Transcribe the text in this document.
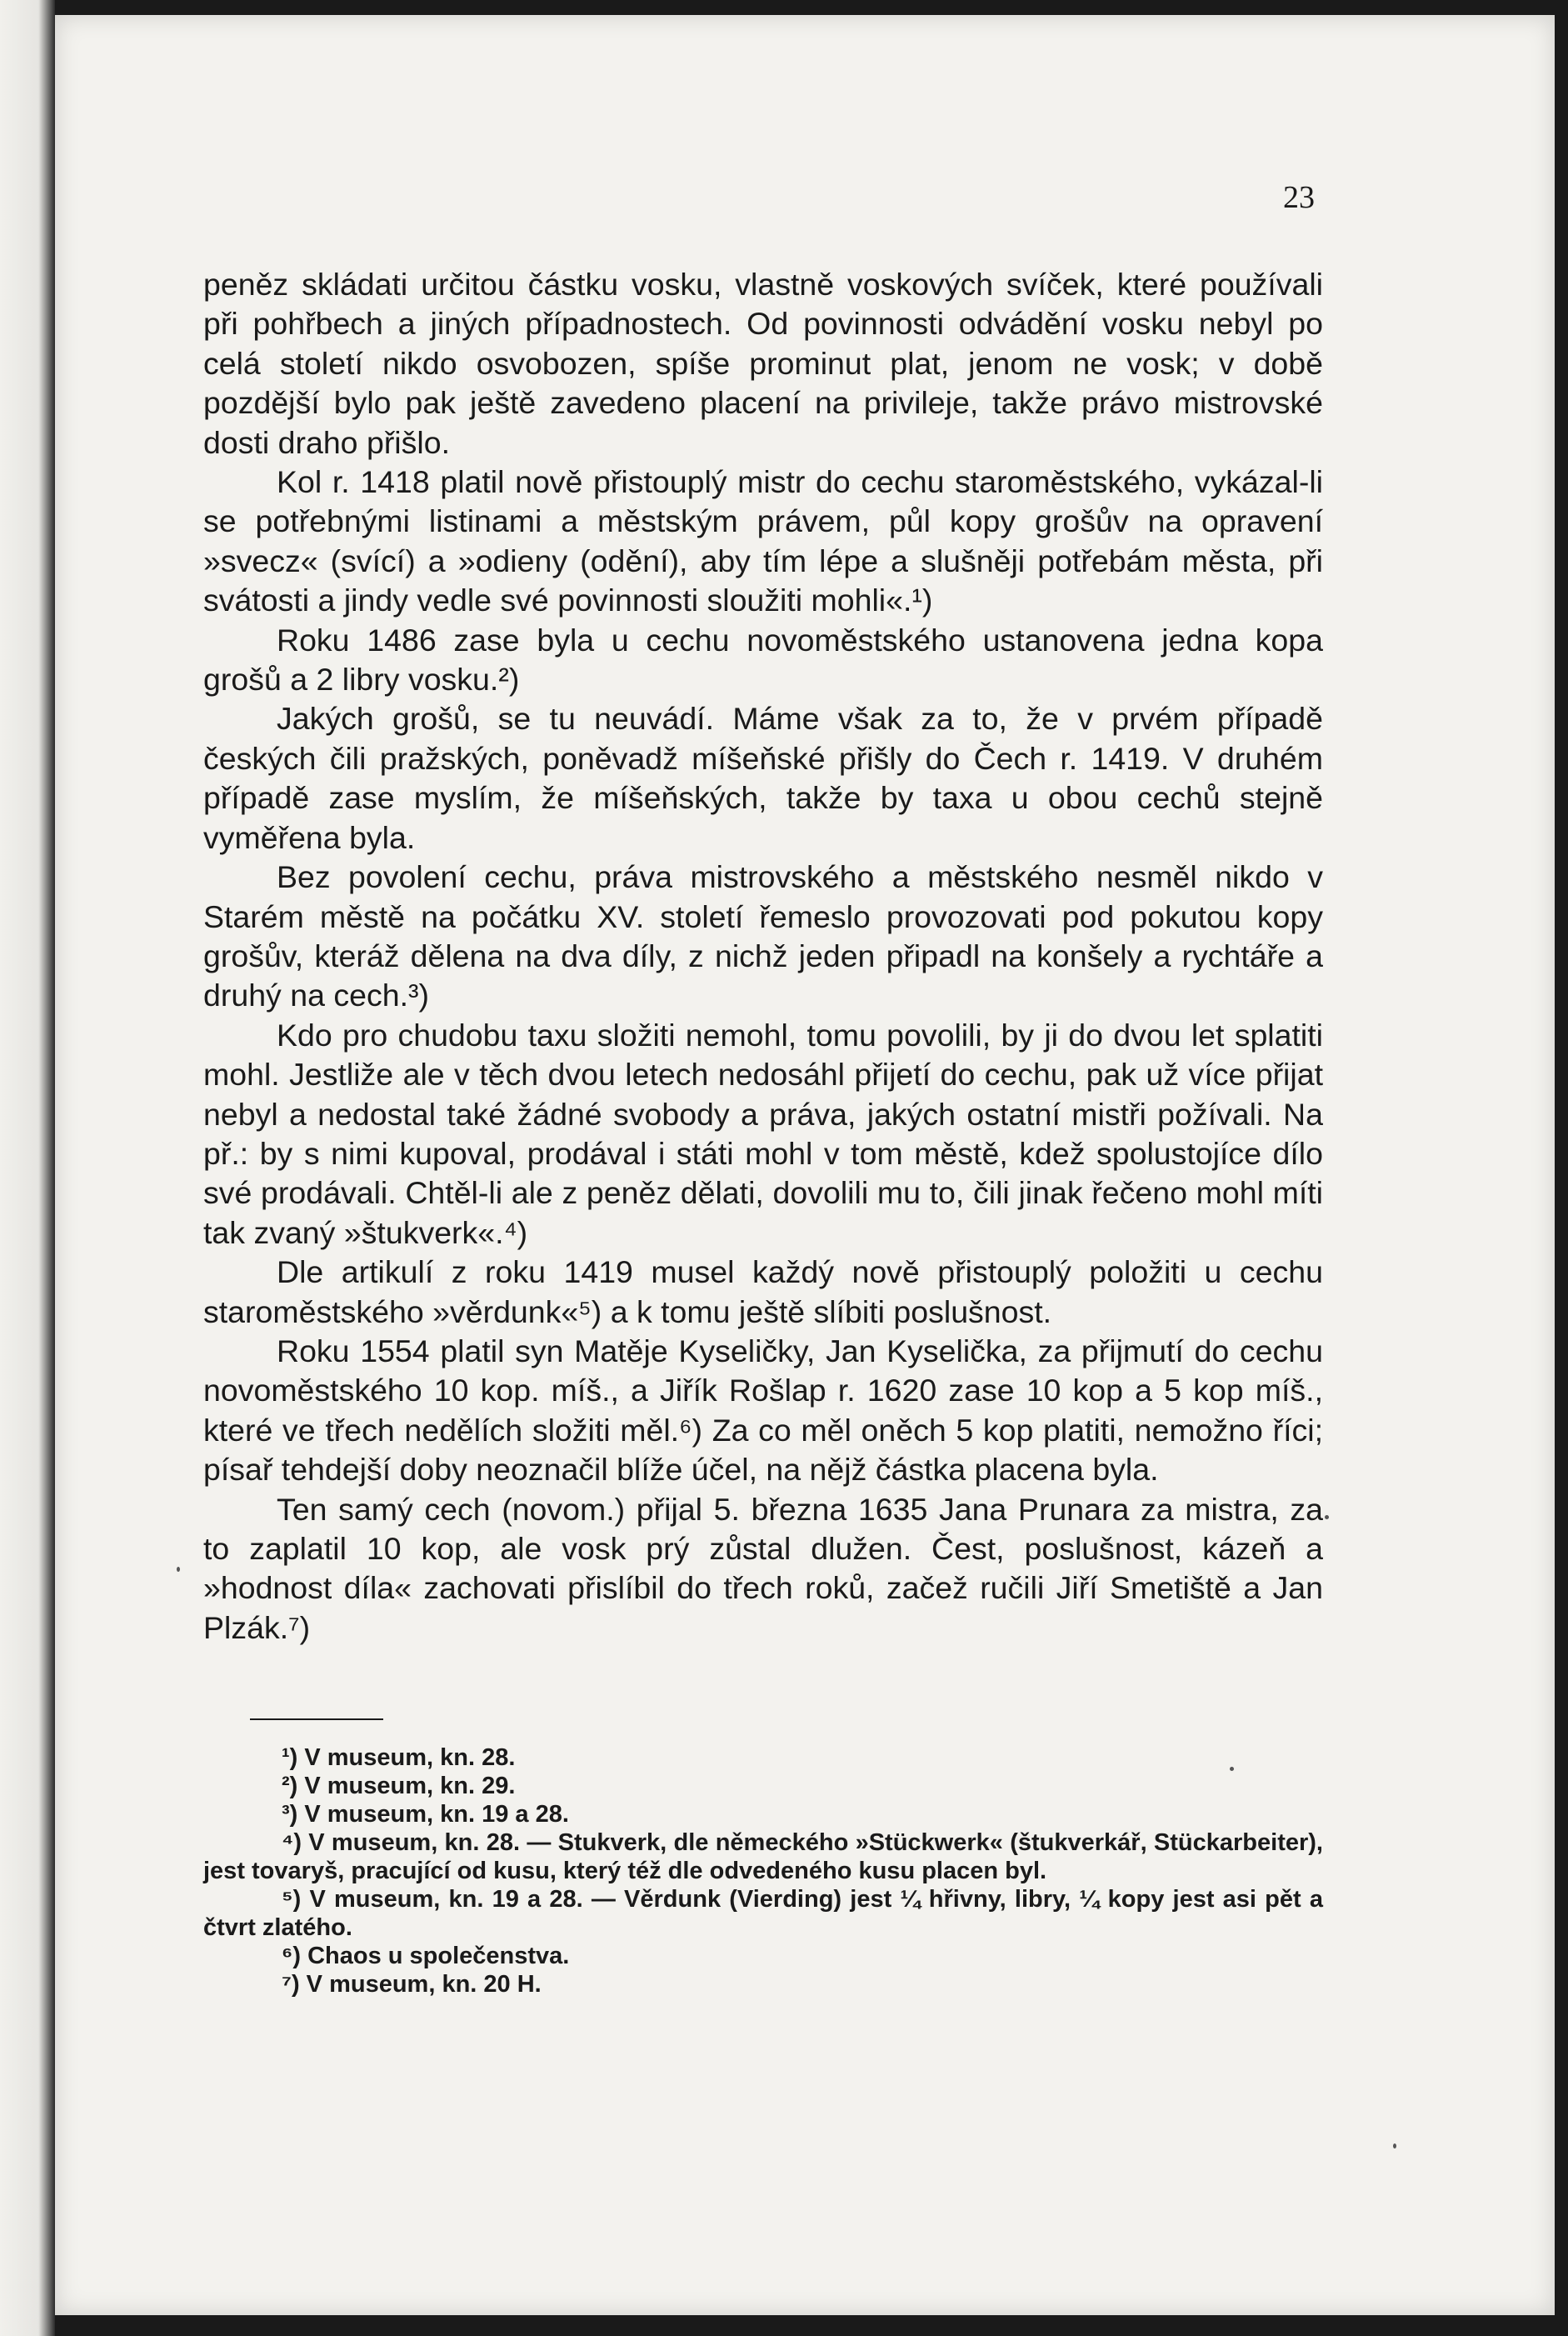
23

peněz skládati určitou částku vosku, vlastně voskových svíček, které používali při pohřbech a jiných případnostech. Od povinnosti odvádění vosku nebyl po celá století nikdo osvobozen, spíše prominut plat, jenom ne vosk; v době pozdější bylo pak ještě zavedeno placení na privileje, takže právo mistrovské dosti draho přišlo.

Kol r. 1418 platil nově přistouplý mistr do cechu staroměstského, vykázal-li se potřebnými listinami a městským právem, půl kopy grošův na opravení »svecz« (svící) a »odieny (odění), aby tím lépe a slušněji potřebám města, při svátosti a jindy vedle své povinnosti sloužiti mohli«.¹)

Roku 1486 zase byla u cechu novoměstského ustanovena jedna kopa grošů a 2 libry vosku.²)

Jakých grošů, se tu neuvádí. Máme však za to, že v prvém případě českých čili pražských, poněvadž míšeňské přišly do Čech r. 1419. V druhém případě zase myslím, že míšeňských, takže by taxa u obou cechů stejně vyměřena byla.

Bez povolení cechu, práva mistrovského a městského nesměl nikdo v Starém městě na počátku XV. století řemeslo provozovati pod pokutou kopy grošův, kteráž dělena na dva díly, z nichž jeden připadl na konšely a rychtáře a druhý na cech.³)

Kdo pro chudobu taxu složiti nemohl, tomu povolili, by ji do dvou let splatiti mohl. Jestliže ale v těch dvou letech nedosáhl přijetí do cechu, pak už více přijat nebyl a nedostal také žádné svobody a práva, jakých ostatní mistři požívali. Na př.: by s nimi kupoval, prodával i státi mohl v tom městě, kdež spolustojíce dílo své prodávali. Chtěl-li ale z peněz dělati, dovolili mu to, čili jinak řečeno mohl míti tak zvaný »štukverk«.⁴)

Dle artikulí z roku 1419 musel každý nově přistouplý položiti u cechu staroměstského »věrdunk«⁵) a k tomu ještě slíbiti poslušnost.

Roku 1554 platil syn Matěje Kyseličky, Jan Kyselička, za přijmutí do cechu novoměstského 10 kop. míš., a Jiřík Rošlap r. 1620 zase 10 kop a 5 kop míš., které ve třech nedělích složiti měl.⁶) Za co měl oněch 5 kop platiti, nemožno říci; písař tehdejší doby neoznačil blíže účel, na nějž částka placena byla.

Ten samý cech (novom.) přijal 5. března 1635 Jana Prunara za mistra, za to zaplatil 10 kop, ale vosk prý zůstal dlužen. Čest, poslušnost, kázeň a »hodnost díla« zachovati přislíbil do třech roků, začež ručili Jiří Smetiště a Jan Plzák.⁷)

¹) V museum, kn. 28.

²) V museum, kn. 29.

³) V museum, kn. 19 a 28.

⁴) V museum, kn. 28. — Stukverk, dle německého »Stückwerk« (štukverkář, Stückarbeiter), jest tovaryš, pracující od kusu, který též dle odvedeného kusu placen byl.

⁵) V museum, kn. 19 a 28. — Věrdunk (Vierding) jest ¼ hřivny, libry, ¼ kopy jest asi pět a čtvrt zlatého.

⁶) Chaos u společenstva.

⁷) V museum, kn. 20 H.
